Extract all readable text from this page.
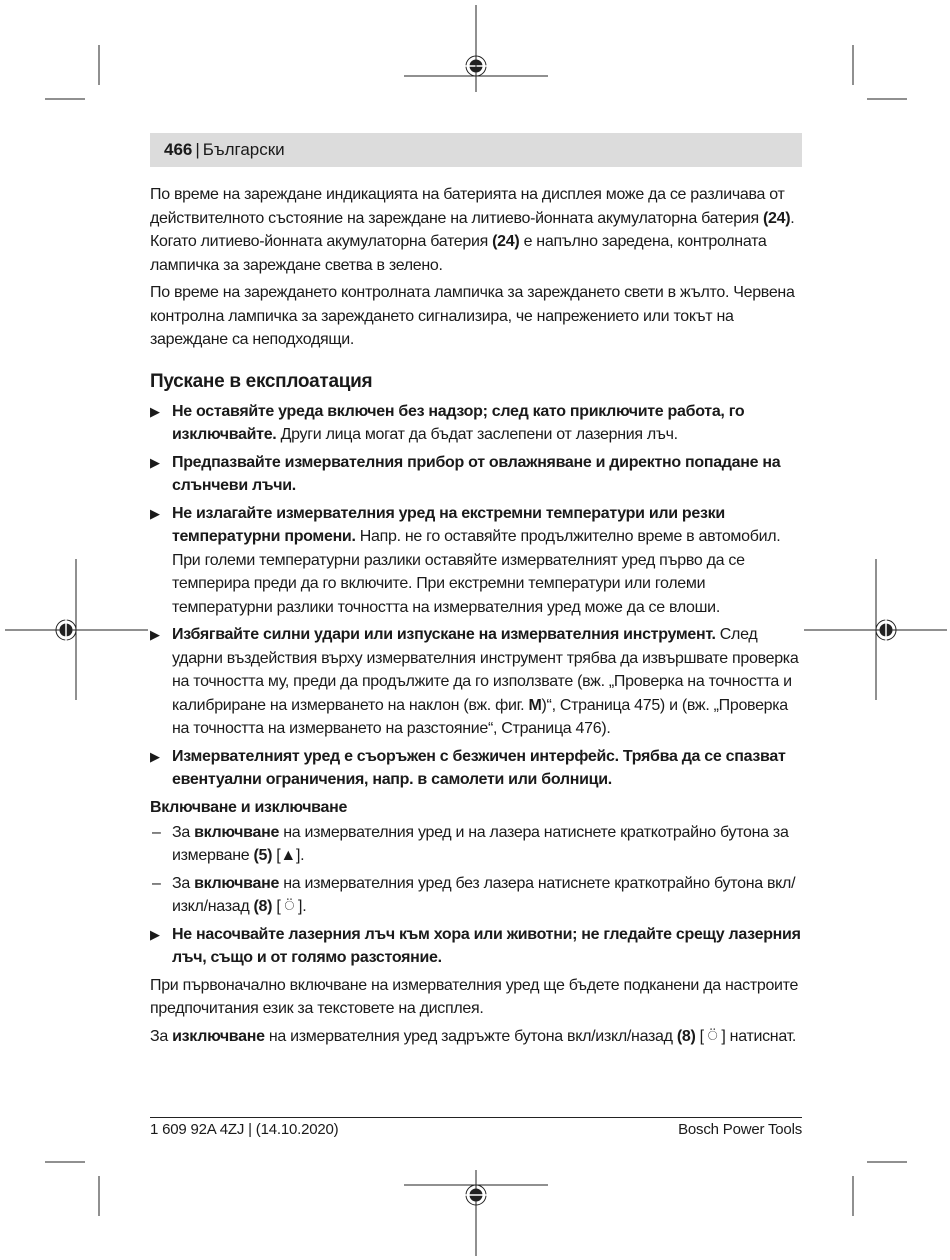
466 | Български

По време на зареждане индикацията на батерията на дисплея може да се различава от действителното състояние на зареждане на литиево-йонната акумулаторна батерия (24). Когато литиево-йонната акумулаторна батерия (24) е напълно заредена, контролната лампичка за зареждане светва в зелено.

По време на зареждането контролната лампичка за зареждането свети в жълто. Червена контролна лампичка за зареждането сигнализира, че напрежението или токът на зареждане са неподходящи.

Пускане в експлоатация
▶ Не оставяйте уреда включен без надзор; след като приключите работа, го изключвайте. Други лица могат да бъдат заслепени от лазерния лъч.
▶ Предпазвайте измервателния прибор от овлажняване и директно попадане на слънчеви лъчи.
▶ Не излагайте измервателния уред на екстремни температури или резки температурни промени. Напр. не го оставяйте продължително време в автомобил. При големи температурни разлики оставяйте измервателният уред първо да се темперира преди да го включите. При екстремни температури или големи температурни разлики точността на измервателния уред може да се влоши.
▶ Избягвайте силни удари или изпускане на измервателния инструмент. След ударни въздействия върху измервателния инструмент трябва да извършвате проверка на точността му, преди да продължите да го използвате (вж. „Проверка на точността и калибриране на измерването на наклон (вж. фиг. M)“, Страница 475) и (вж. „Проверка на точността на измерването на разстояние“, Страница 476).
▶ Измервателният уред е съоръжен с безжичен интерфейс. Трябва да се спазват евентуални ограничения, напр. в самолети или болници.
Включване и изключване
– За включване на измервателния уред и на лазера натиснете краткотрайно бутона за измерване (5) [▲].
– За включване на измервателния уред без лазера натиснете краткотрайно бутона вкл/изкл/назад (8) [ ⍥ ].
▶ Не насочвайте лазерния лъч към хора или животни; не гледайте срещу лазерния лъч, също и от голямо разстояние.

При първоначално включване на измервателния уред ще бъдете подканени да настроите предпочитания език за текстовете на дисплея.

За изключване на измервателния уред задръжте бутона вкл/изкл/назад (8) [ ⍥ ] натиснат.

1 609 92A 4ZJ | (14.10.2020)	Bosch Power Tools
